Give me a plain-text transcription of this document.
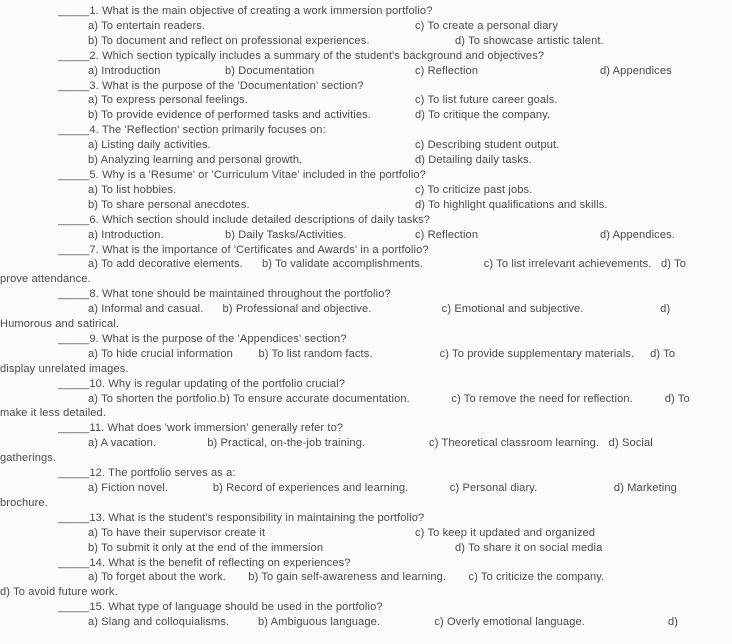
_____1. What is the main objective of creating a work immersion portfolio?
a) To entertain readers.
b) To document and reflect on professional experiences.
c) To create a personal diary
d) To showcase artistic talent.
_____2. Which section typically includes a summary of the student's background and objectives?
a) Introduction	b) Documentation	c) Reflection	d) Appendices
_____3. What is the purpose of the 'Documentation' section?
a) To express personal feelings.
b) To provide evidence of performed tasks and activities.
c) To list future career goals.
d) To critique the company.
_____4. The 'Reflection' section primarily focuses on:
a) Listing daily activities.
b) Analyzing learning and personal growth.
c) Describing student output.
d) Detailing daily tasks.
_____5. Why is a 'Resume' or 'Curriculum Vitae' included in the portfolio?
a) To list hobbies.
b) To share personal anecdotes.
c) To criticize past jobs.
d) To highlight qualifications and skills.
_____6. Which section should include detailed descriptions of daily tasks?
a) Introduction.	b) Daily Tasks/Activities.	c) Reflection	d) Appendices.
_____7. What is the importance of 'Certificates and Awards' in a portfolio?
a) To add decorative elements.      b) To validate accomplishments.                   c) To list irrelevant achievements.   d) To
prove attendance.
_____8. What tone should be maintained throughout the portfolio?
a) Informal and casual.      b) Professional and objective.                      c) Emotional and subjective.                        d)
Humorous and satirical.
_____9. What is the purpose of the 'Appendices' section?
a) To hide crucial information        b) To list random facts.                     c) To provide supplementary materials.     d) To
display unrelated images.
_____10. Why is regular updating of the portfolio crucial?
a) To shorten the portfolio.b) To ensure accurate documentation.             c) To remove the need for reflection.          d) To
make it less detailed.
_____11. What does 'work immersion' generally refer to?
a) A vacation.                b) Practical, on-the-job training.                    c) Theoretical classroom learning.   d) Social
gatherings.
_____12. The portfolio serves as a:
a) Fiction novel.              b) Record of experiences and learning.             c) Personal diary.                        d) Marketing
brochure.
_____13. What is the student's responsibility in maintaining the portfolio?
a) To have their supervisor create it
b) To submit it only at the end of the immersion
c) To keep it updated and organized
d) To share it on social media
_____14. What is the benefit of reflecting on experiences?
a) To forget about the work.       b) To gain self-awareness and learning.       c) To criticize the company.
d) To avoid future work.
_____15. What type of language should be used in the portfolio?
a) Slang and colloquialisms.         b) Ambiguous language.                 c) Overly emotional language.                          d)
